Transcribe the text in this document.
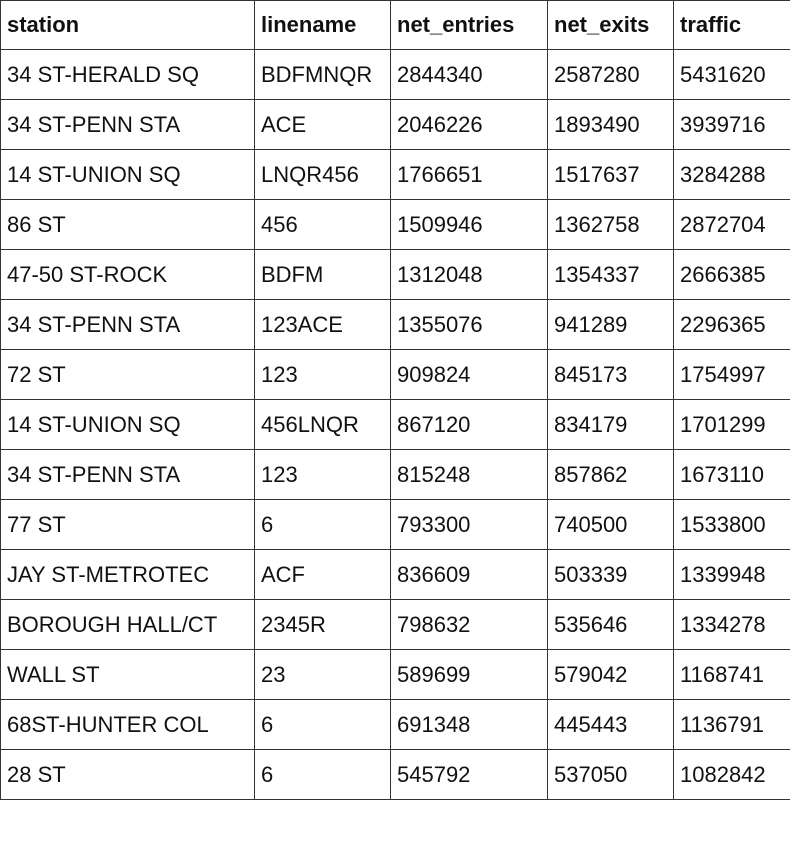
station	linename	net_entries	net_exits	traffic
34 ST-HERALD SQ	BDFMNQR	2844340	2587280	5431620
34 ST-PENN STA	ACE	2046226	1893490	3939716
14 ST-UNION SQ	LNQR456	1766651	1517637	3284288
86 ST	456	1509946	1362758	2872704
47-50 ST-ROCK	BDFM	1312048	1354337	2666385
34 ST-PENN STA	123ACE	1355076	941289	2296365
72 ST	123	909824	845173	1754997
14 ST-UNION SQ	456LNQR	867120	834179	1701299
34 ST-PENN STA	123	815248	857862	1673110
77 ST	6	793300	740500	1533800
JAY ST-METROTEC	ACF	836609	503339	1339948
BOROUGH HALL/CT	2345R	798632	535646	1334278
WALL ST	23	589699	579042	1168741
68ST-HUNTER COL	6	691348	445443	1136791
28 ST	6	545792	537050	1082842
